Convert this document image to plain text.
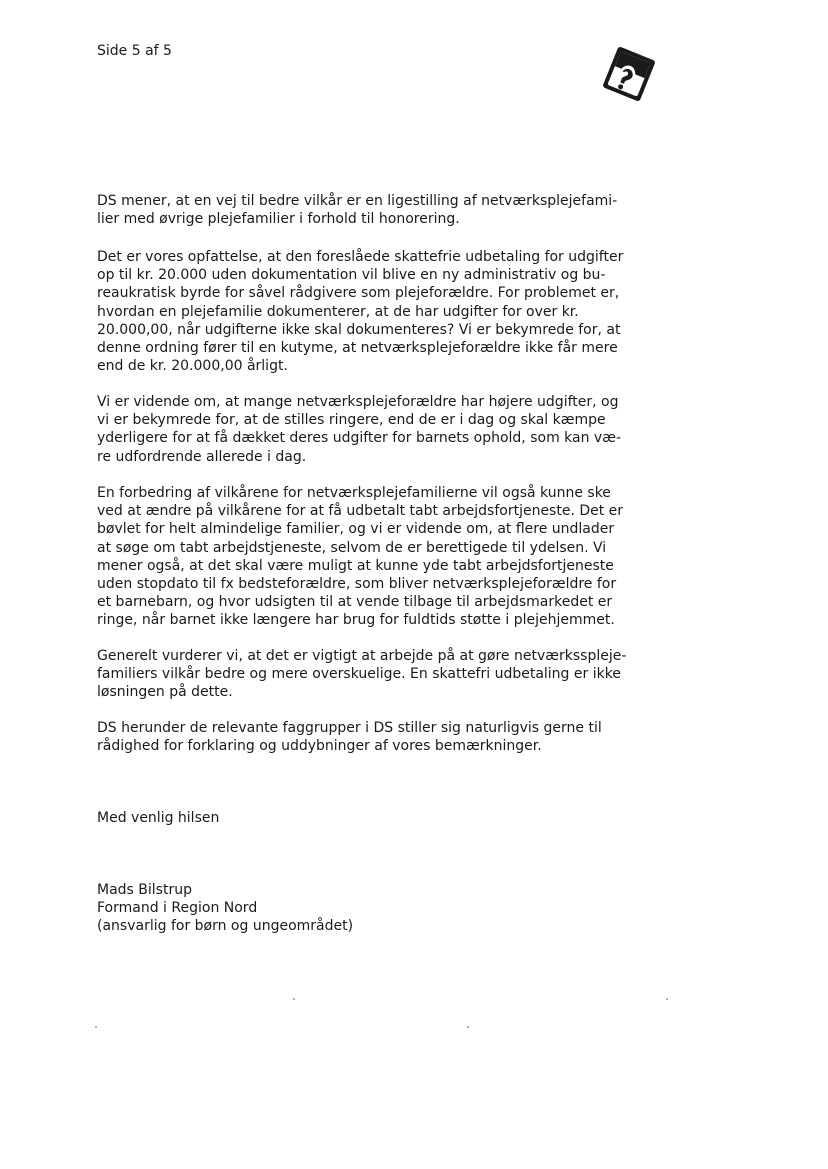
Side 5 af 5
DS mener, at en vej til bedre vilkår er en ligestilling af netværksplejefami-
lier med øvrige plejefamilier i forhold til honorering.
Det er vores opfattelse, at den foreslåede skattefrie udbetaling for udgifter
op til kr. 20.000 uden dokumentation vil blive en ny administrativ og bu-
reaukratisk byrde for såvel rådgivere som plejeforældre. For problemet er,
hvordan en plejefamilie dokumenterer, at de har udgifter for over kr.
20.000,00, når udgifterne ikke skal dokumenteres? Vi er bekymrede for, at
denne ordning fører til en kutyme, at netværksplejeforældre ikke får mere
end de kr. 20.000,00 årligt.
Vi er vidende om, at mange netværksplejeforældre har højere udgifter, og
vi er bekymrede for, at de stilles ringere, end de er i dag og skal kæmpe
yderligere for at få dækket deres udgifter for barnets ophold, som kan væ-
re udfordrende allerede i dag.
En forbedring af vilkårene for netværksplejefamilierne vil også kunne ske
ved at ændre på vilkårene for at få udbetalt tabt arbejdsfortjeneste. Det er
bøvlet for helt almindelige familier, og vi er vidende om, at flere undlader
at søge om tabt arbejdstjeneste, selvom de er berettigede til ydelsen. Vi
mener også, at det skal være muligt at kunne yde tabt arbejdsfortjeneste
uden stopdato til fx bedsteforældre, som bliver netværksplejeforældre for
et barnebarn, og hvor udsigten til at vende tilbage til arbejdsmarkedet er
ringe, når barnet ikke længere har brug for fuldtids støtte i plejehjemmet.
Generelt vurderer vi, at det er vigtigt at arbejde på at gøre netværksspleje-
familiers vilkår bedre og mere overskuelige. En skattefri udbetaling er ikke
løsningen på dette.
DS herunder de relevante faggrupper i DS stiller sig naturligvis gerne til
rådighed for forklaring og uddybninger af vores bemærkninger.
Med venlig hilsen
Mads Bilstrup
Formand i Region Nord
(ansvarlig for børn og ungeområdet)
